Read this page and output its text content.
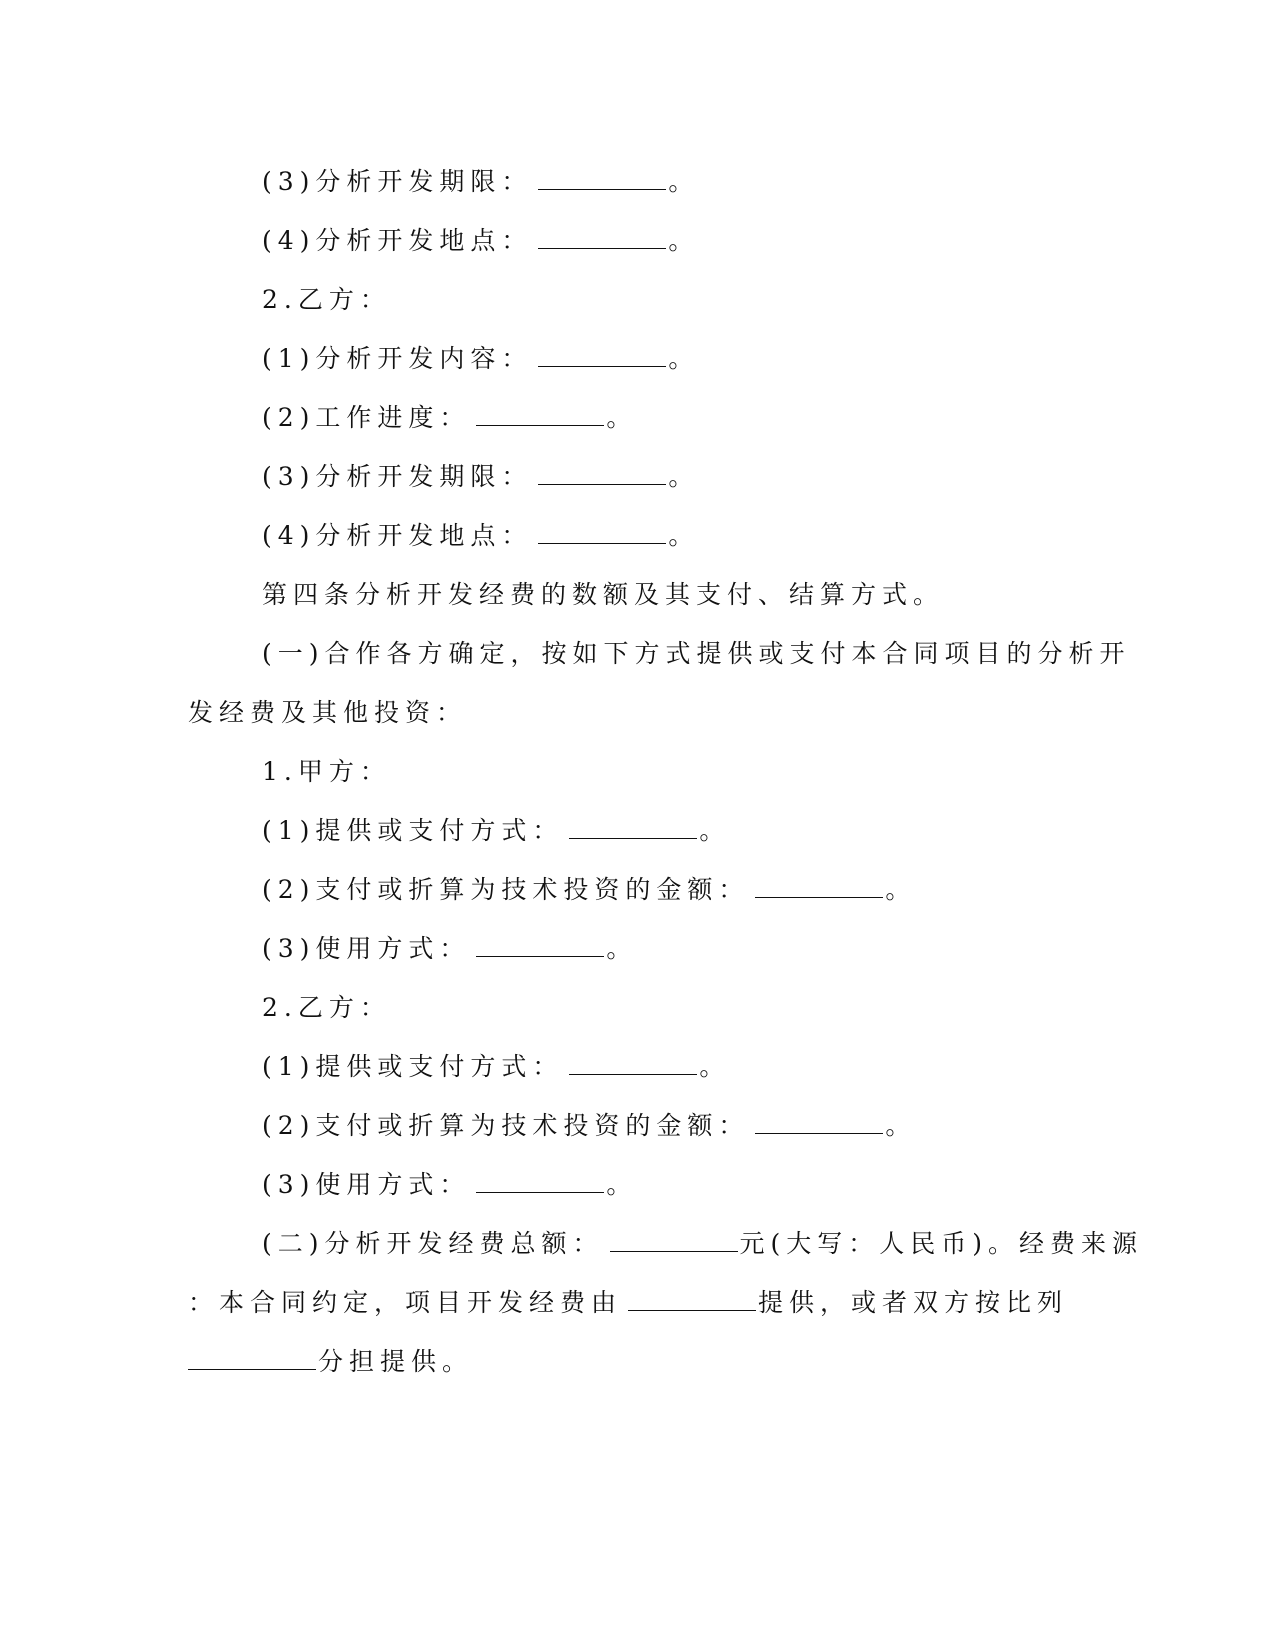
(3)分析开发期限：	。
(4)分析开发地点：	。
2.乙方：
(1)分析开发内容：	。
(2)工作进度：	。
(3)分析开发期限：	。
(4)分析开发地点：	。
第四条分析开发经费的数额及其支付、结算方式。
(一)合作各方确定，按如下方式提供或支付本合同项目的分析开
发经费及其他投资：
1.甲方：
(1)提供或支付方式：	。
(2)支付或折算为技术投资的金额：	。
(3)使用方式：	。
2.乙方：
(1)提供或支付方式：	。
(2)支付或折算为技术投资的金额：	。
(3)使用方式：	。
(二)分析开发经费总额：	元(大写：人民币)。经费来源
：本合同约定，项目开发经费由	提供，或者双方按比列
分担提供。
